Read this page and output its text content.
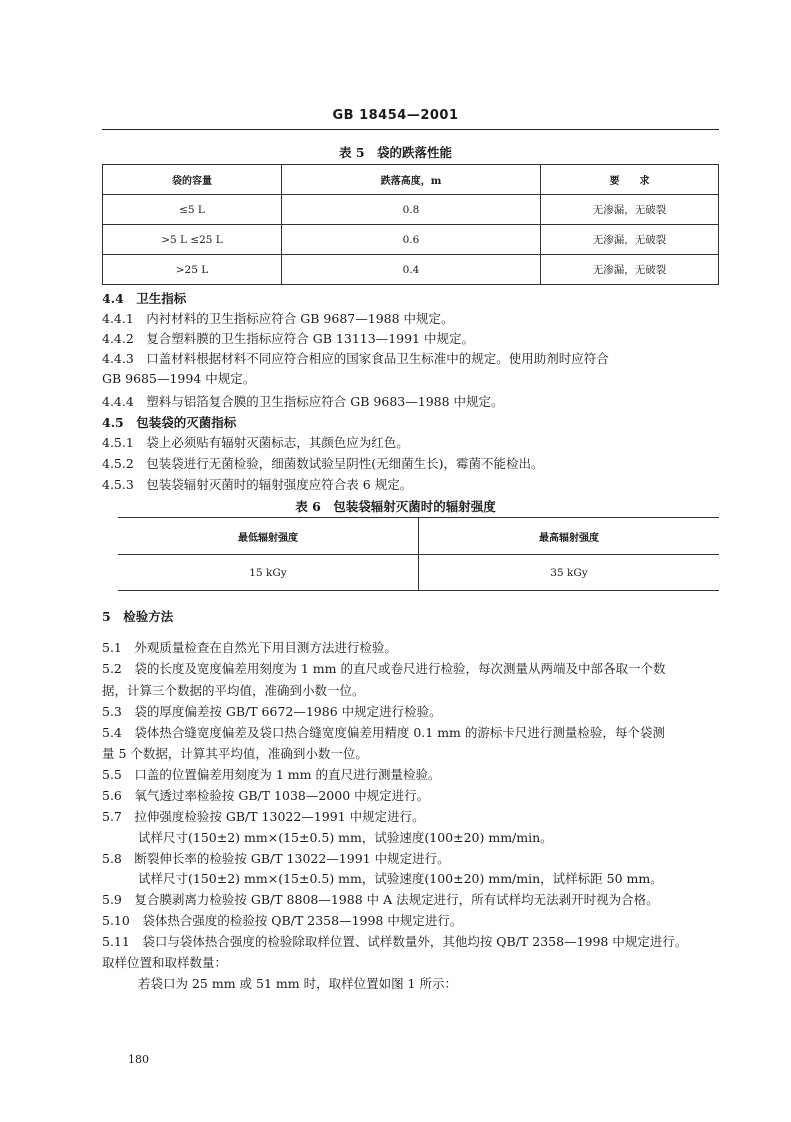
GB 18454—2001
表 5　袋的跌落性能
袋的容量	跌落高度，m	要　　求
≤5 L	0.8	无渗漏，无破裂
>5 L ≤25 L	0.6	无渗漏，无破裂
>25 L	0.4	无渗漏，无破裂
4.4　卫生指标
4.4.1　内衬材料的卫生指标应符合 GB 9687—1988 中规定。
4.4.2　复合塑料膜的卫生指标应符合 GB 13113—1991 中规定。
4.4.3　口盖材料根据材料不同应符合相应的国家食品卫生标准中的规定。使用助剂时应符合
GB 9685—1994 中规定。
4.4.4　塑料与铝箔复合膜的卫生指标应符合 GB 9683—1988 中规定。
4.5　包装袋的灭菌指标
4.5.1　袋上必须贴有辐射灭菌标志，其颜色应为红色。
4.5.2　包装袋进行无菌检验，细菌数试验呈阴性(无细菌生长)，霉菌不能检出。
4.5.3　包装袋辐射灭菌时的辐射强度应符合表 6 规定。
表 6　包装袋辐射灭菌时的辐射强度
最低辐射强度	最高辐射强度
15 kGy	35 kGy
5　检验方法
5.1　外观质量检查在自然光下用目测方法进行检验。
5.2　袋的长度及宽度偏差用刻度为 1 mm 的直尺或卷尺进行检验，每次测量从两端及中部各取一个数
据，计算三个数据的平均值，准确到小数一位。
5.3　袋的厚度偏差按 GB/T 6672—1986 中规定进行检验。
5.4　袋体热合缝宽度偏差及袋口热合缝宽度偏差用精度 0.1 mm 的游标卡尺进行测量检验，每个袋测
量 5 个数据，计算其平均值，准确到小数一位。
5.5　口盖的位置偏差用刻度为 1 mm 的直尺进行测量检验。
5.6　氧气透过率检验按 GB/T 1038—2000 中规定进行。
5.7　拉伸强度检验按 GB/T 13022—1991 中规定进行。
试样尺寸(150±2) mm×(15±0.5) mm，试验速度(100±20) mm/min。
5.8　断裂伸长率的检验按 GB/T 13022—1991 中规定进行。
试样尺寸(150±2) mm×(15±0.5) mm，试验速度(100±20) mm/min，试样标距 50 mm。
5.9　复合膜剥离力检验按 GB/T 8808—1988 中 A 法规定进行，所有试样均无法剥开时视为合格。
5.10　袋体热合强度的检验按 QB/T 2358—1998 中规定进行。
5.11　袋口与袋体热合强度的检验除取样位置、试样数量外，其他均按 QB/T 2358—1998 中规定进行。
取样位置和取样数量：
若袋口为 25 mm 或 51 mm 时，取样位置如图 1 所示：
180
